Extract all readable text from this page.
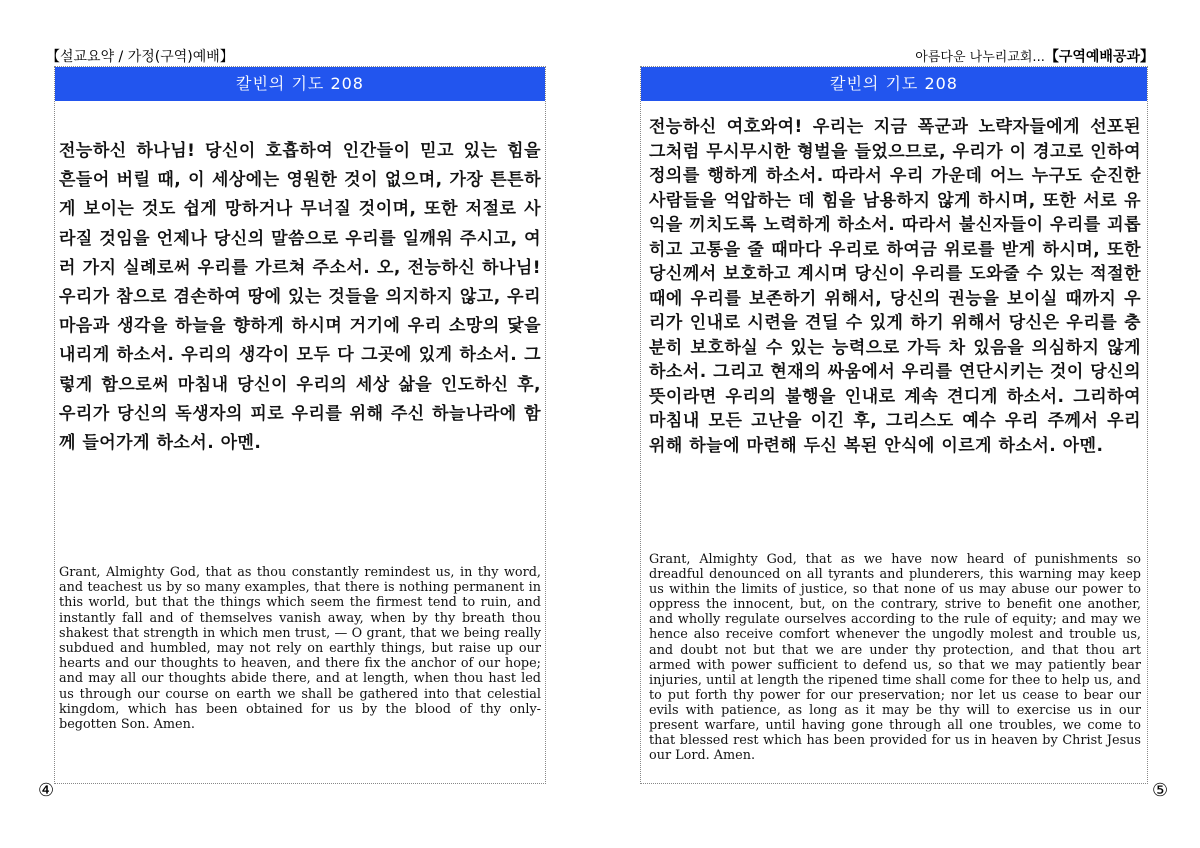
【설교요약 / 가정(구역)예배】	아름다운 나누리교회...【구역예배공과】
칼빈의 기도 208
전능하신 하나님! 당신이 호흡하여 인간들이 믿고 있는 힘을 흔들어 버릴 때, 이 세상에는 영원한 것이 없으며, 가장 튼튼하게 보이는 것도 쉽게 망하거나 무너질 것이며, 또한 저절로 사라질 것임을 언제나 당신의 말씀으로 우리를 일깨워 주시고, 여러 가지 실례로써 우리를 가르쳐 주소서. 오, 전능하신 하나님! 우리가 참으로 겸손하여 땅에 있는 것들을 의지하지 않고, 우리 마음과 생각을 하늘을 향하게 하시며 거기에 우리 소망의 닻을 내리게 하소서. 우리의 생각이 모두 다 그곳에 있게 하소서. 그렇게 함으로써 마침내 당신이 우리의 세상 삶을 인도하신 후, 우리가 당신의 독생자의 피로 우리를 위해 주신 하늘나라에 함께 들어가게 하소서. 아멘.
Grant, Almighty God, that as thou constantly remindest us, in thy word, and teachest us by so many examples, that there is nothing permanent in this world, but that the things which seem the firmest tend to ruin, and instantly fall and of themselves vanish away, when by thy breath thou shakest that strength in which men trust, — O grant, that we being really subdued and humbled, may not rely on earthly things, but raise up our hearts and our thoughts to heaven, and there fix the anchor of our hope; and may all our thoughts abide there, and at length, when thou hast led us through our course on earth we shall be gathered into that celestial kingdom, which has been obtained for us by the blood of thy only-begotten Son. Amen.
칼빈의 기도 208
전능하신 여호와여! 우리는 지금 폭군과 노략자들에게 선포된 그처럼 무시무시한 형벌을 들었으므로, 우리가 이 경고로 인하여 정의를 행하게 하소서. 따라서 우리 가운데 어느 누구도 순진한 사람들을 억압하는 데 힘을 남용하지 않게 하시며, 또한 서로 유익을 끼치도록 노력하게 하소서. 따라서 불신자들이 우리를 괴롭히고 고통을 줄 때마다 우리로 하여금 위로를 받게 하시며, 또한 당신께서 보호하고 계시며 당신이 우리를 도와줄 수 있는 적절한 때에 우리를 보존하기 위해서, 당신의 권능을 보이실 때까지 우리가 인내로 시련을 견딜 수 있게 하기 위해서 당신은 우리를 충분히 보호하실 수 있는 능력으로 가득 차 있음을 의심하지 않게 하소서. 그리고 현재의 싸움에서 우리를 연단시키는 것이 당신의 뜻이라면 우리의 불행을 인내로 계속 견디게 하소서. 그리하여 마침내 모든 고난을 이긴 후, 그리스도 예수 우리 주께서 우리 위해 하늘에 마련해 두신 복된 안식에 이르게 하소서. 아멘.
Grant, Almighty God, that as we have now heard of punishments so dreadful denounced on all tyrants and plunderers, this warning may keep us within the limits of justice, so that none of us may abuse our power to oppress the innocent, but, on the contrary, strive to benefit one another, and wholly regulate ourselves according to the rule of equity; and may we hence also receive comfort whenever the ungodly molest and trouble us, and doubt not but that we are under thy protection, and that thou art armed with power sufficient to defend us, so that we may patiently bear injuries, until at length the ripened time shall come for thee to help us, and to put forth thy power for our preservation; nor let us cease to bear our evils with patience, as long as it may be thy will to exercise us in our present warfare, until having gone through all one troubles, we come to that blessed rest which has been provided for us in heaven by Christ Jesus our Lord. Amen.
④	⑤
